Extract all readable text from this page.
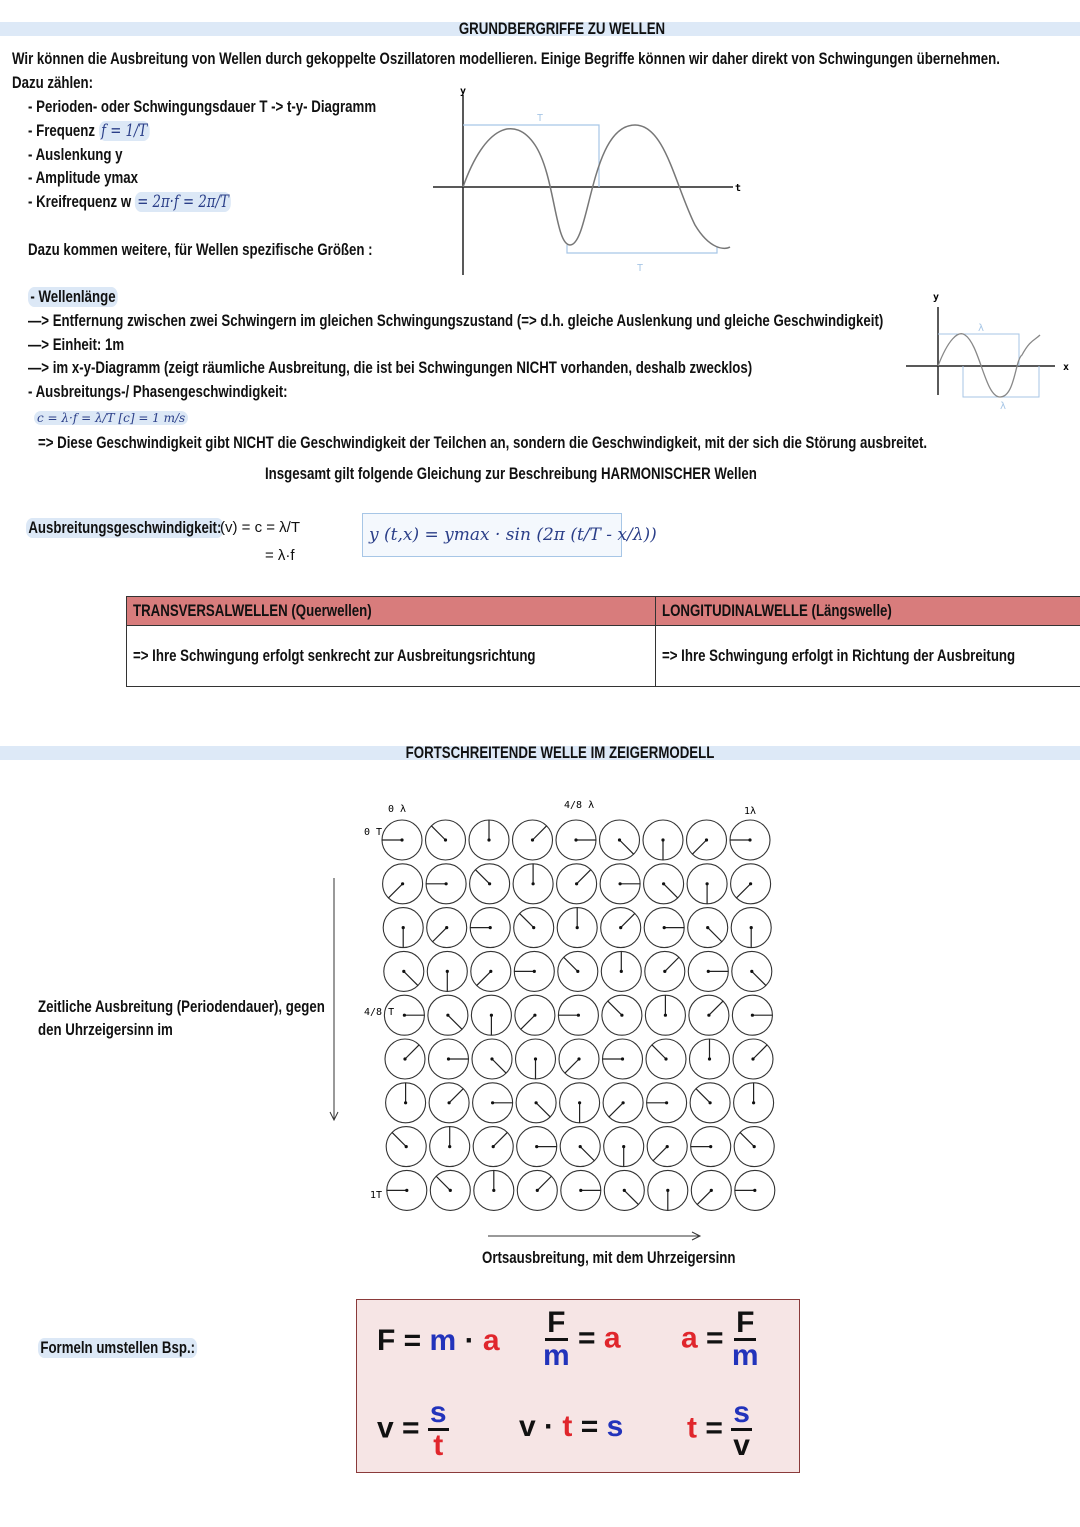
GRUNDBERGRIFFE ZU WELLEN
Wir können die Ausbreitung von Wellen durch gekoppelte Oszillatoren modellieren. Einige Begriffe können wir daher direkt von Schwingungen übernehmen.
Dazu zählen:
- Perioden- oder Schwingungsdauer T -> t-y- Diagramm
- Frequenz f = 1/T
- Auslenkung y
- Amplitude ymax
- Kreifrequenz w = 2π·f = 2π/T
Dazu kommen weitere, für Wellen spezifische Größen :
y
t
T
T
y
x
λ
λ
- Wellenlänge
—> Entfernung zwischen zwei Schwingern im gleichen Schwingungszustand (=> d.h. gleiche Auslenkung und gleiche Geschwindigkeit)
—> Einheit: 1m
—> im x-y-Diagramm (zeigt räumliche Ausbreitung, die ist bei Schwingungen NICHT vorhanden, deshalb zwecklos)
- Ausbreitungs-/ Phasengeschwindigkeit:
c = λ·f = λ/T [c] = 1 m/s
=> Diese Geschwindigkeit gibt NICHT die Geschwindigkeit der Teilchen an, sondern die Geschwindigkeit, mit der sich die Störung ausbreitet.
Insgesamt gilt folgende Gleichung zur Beschreibung HARMONISCHER Wellen
Ausbreitungsgeschwindigkeit:
(v) = c = λ/T
= λ·f
y (t,x) = ymax · sin (2π (t/T - x/λ))
TRANSVERSALWELLEN (Querwellen)	LONGITUDINALWELLE (Längswelle)
=> Ihre Schwingung erfolgt senkrecht zur Ausbreitungsrichtung	=> Ihre Schwingung erfolgt in Richtung der Ausbreitung
FORTSCHREITENDE WELLE IM ZEIGERMODELL
0 λ	4/8 λ
1λ
0 T
4/8 T
1T
Zeitliche Ausbreitung (Periodendauer), gegen
den Uhrzeigersinn im
Ortsausbreitung, mit dem Uhrzeigersinn
Formeln umstellen Bsp.:	F = m · a $\frac{F}{m} = a$ $a = \frac{F}{m}$
$v = \frac{s}{t}$ v · t = s $t = \frac{s}{v}$
